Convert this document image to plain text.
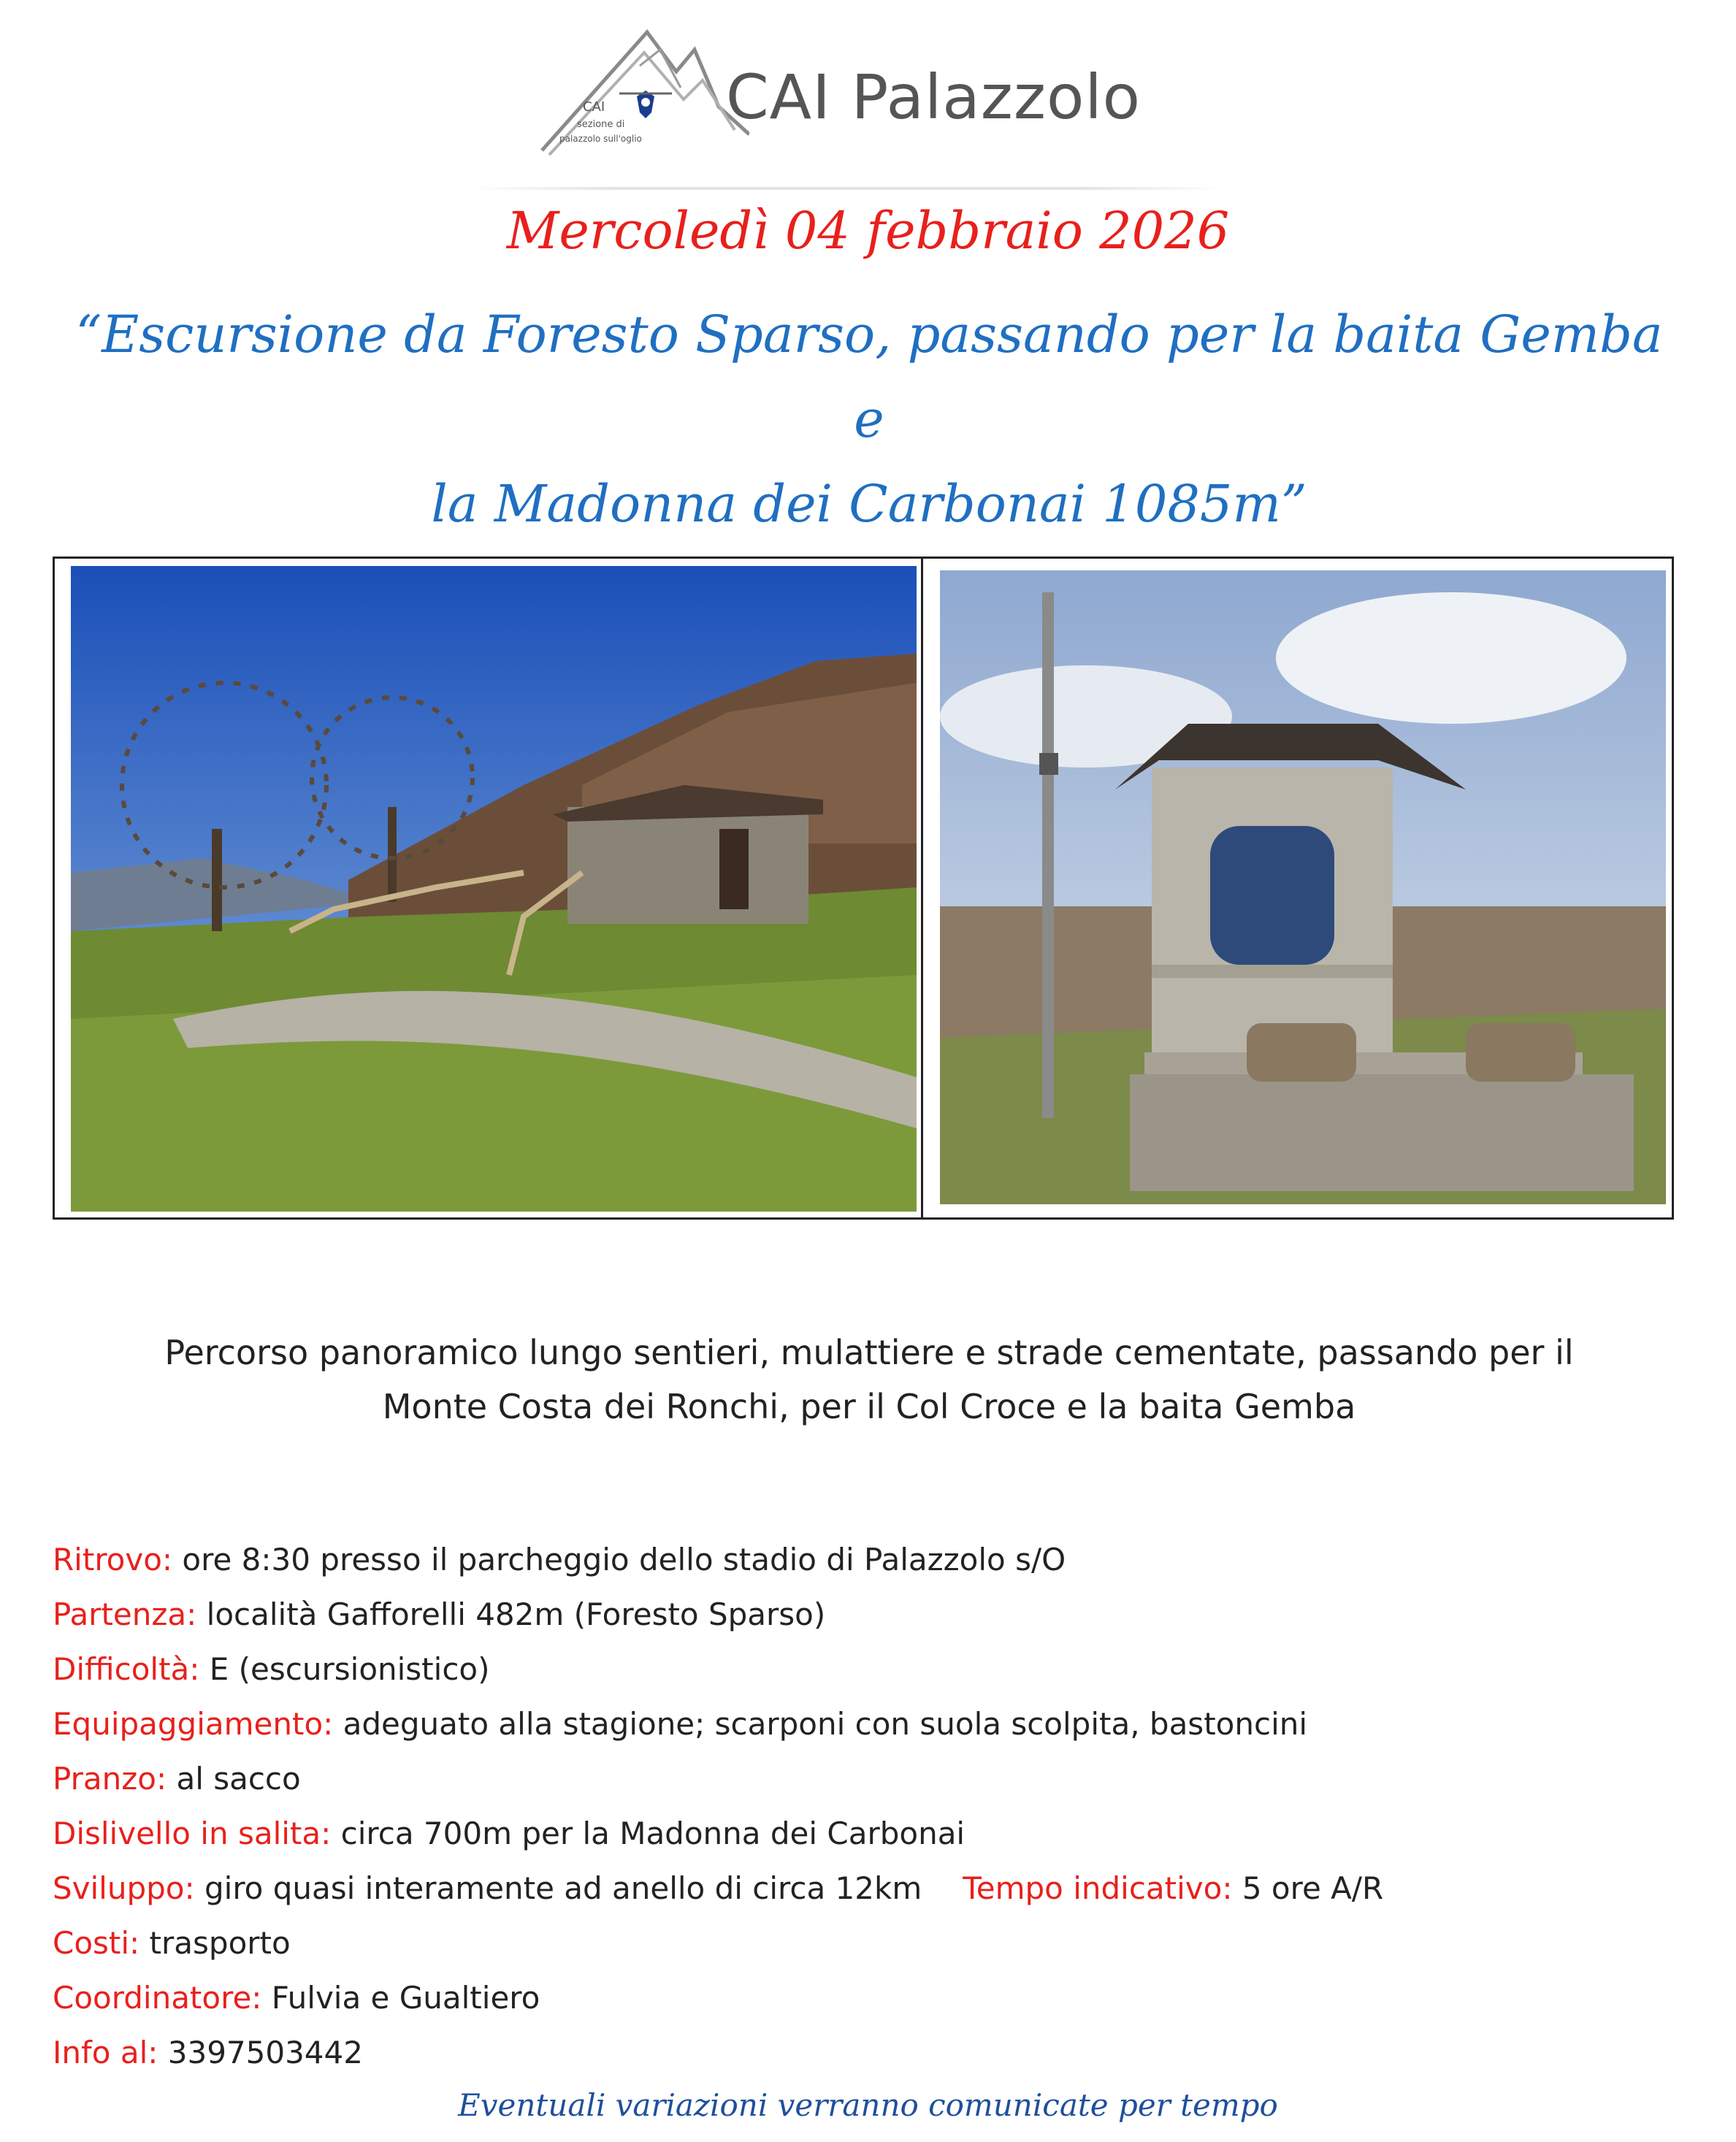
CAI
sezione di
palazzolo sull'oglio
CAI Palazzolo
Mercoledì 04 febbraio 2026
“Escursione da Foresto Sparso, passando per la baita Gemba e
la Madonna dei Carbonai 1085m”
Percorso panoramico lungo sentieri, mulattiere e strade cementate, passando per il
Monte Costa dei Ronchi, per il Col Croce e la baita Gemba
Ritrovo: ore 8:30 presso il parcheggio dello stadio di Palazzolo s/O
Partenza: località Gafforelli 482m (Foresto Sparso)
Difficoltà: E (escursionistico)
Equipaggiamento: adeguato alla stagione; scarponi con suola scolpita, bastoncini
Pranzo: al sacco
Dislivello in salita: circa 700m per la Madonna dei Carbonai
Sviluppo: giro quasi interamente ad anello di circa 12km Tempo indicativo: 5 ore A/R
Costi: trasporto
Coordinatore: Fulvia e Gualtiero
Info al: 3397503442
Eventuali variazioni verranno comunicate per tempo
